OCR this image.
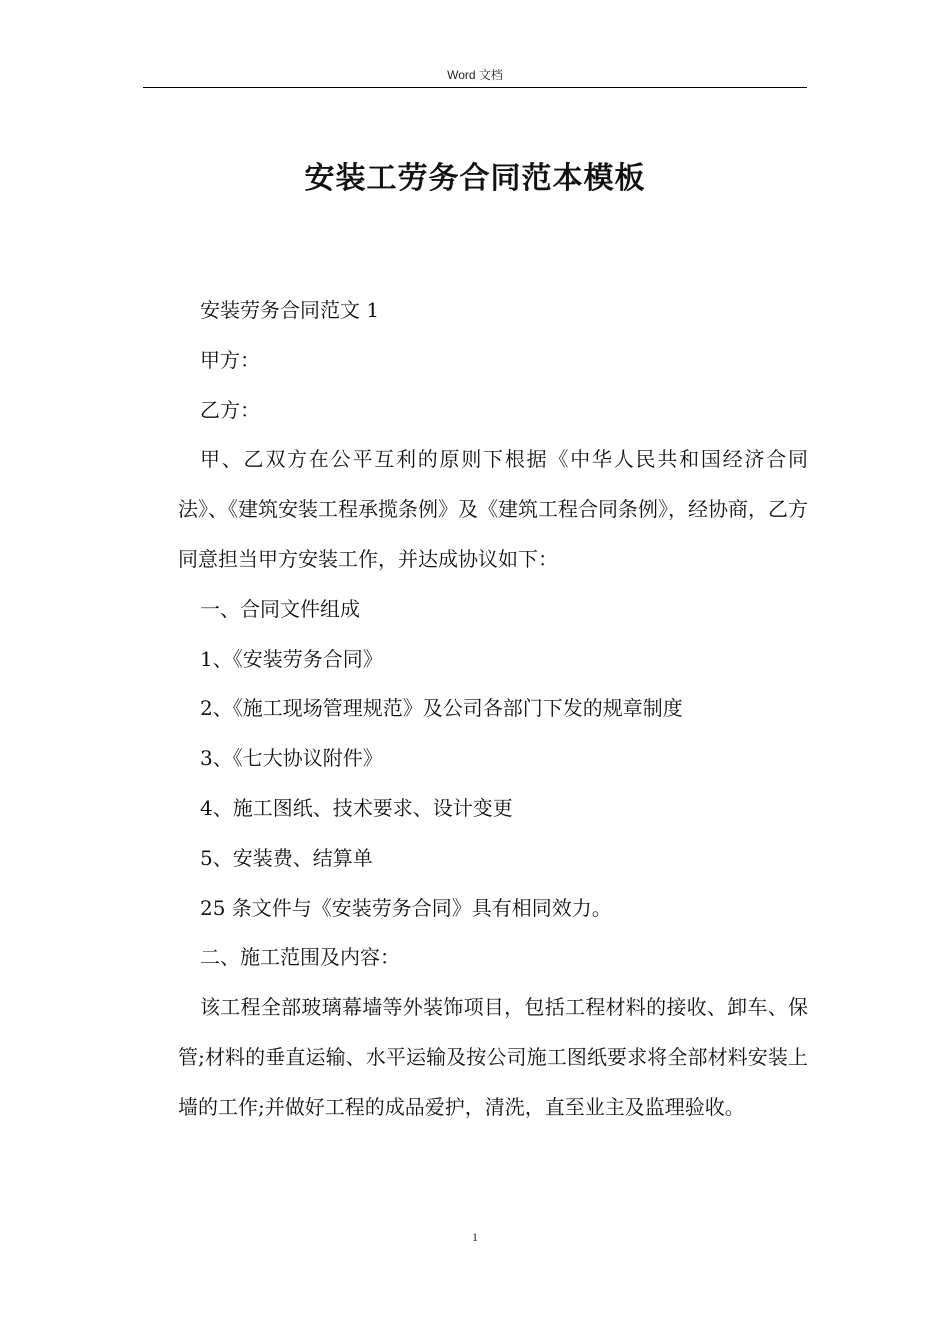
Word 文档
安装工劳务合同范本模板

安装劳务合同范文 1

甲方：

乙方：

甲、乙双方在公平互利的原则下根据《中华人民共和国经济合同法》、《建筑安装工程承揽条例》及《建筑工程合同条例》，经协商，乙方同意担当甲方安装工作，并达成协议如下：

一、合同文件组成

1、《安装劳务合同》

2、《施工现场管理规范》及公司各部门下发的规章制度

3、《七大协议附件》

4、施工图纸、技术要求、设计变更

5、安装费、结算单

25 条文件与《安装劳务合同》具有相同效力。

二、施工范围及内容：

该工程全部玻璃幕墙等外装饰项目，包括工程材料的接收、卸车、保管;材料的垂直运输、水平运输及按公司施工图纸要求将全部材料安装上墙的工作;并做好工程的成品爱护，清洗，直至业主及监理验收。

1
